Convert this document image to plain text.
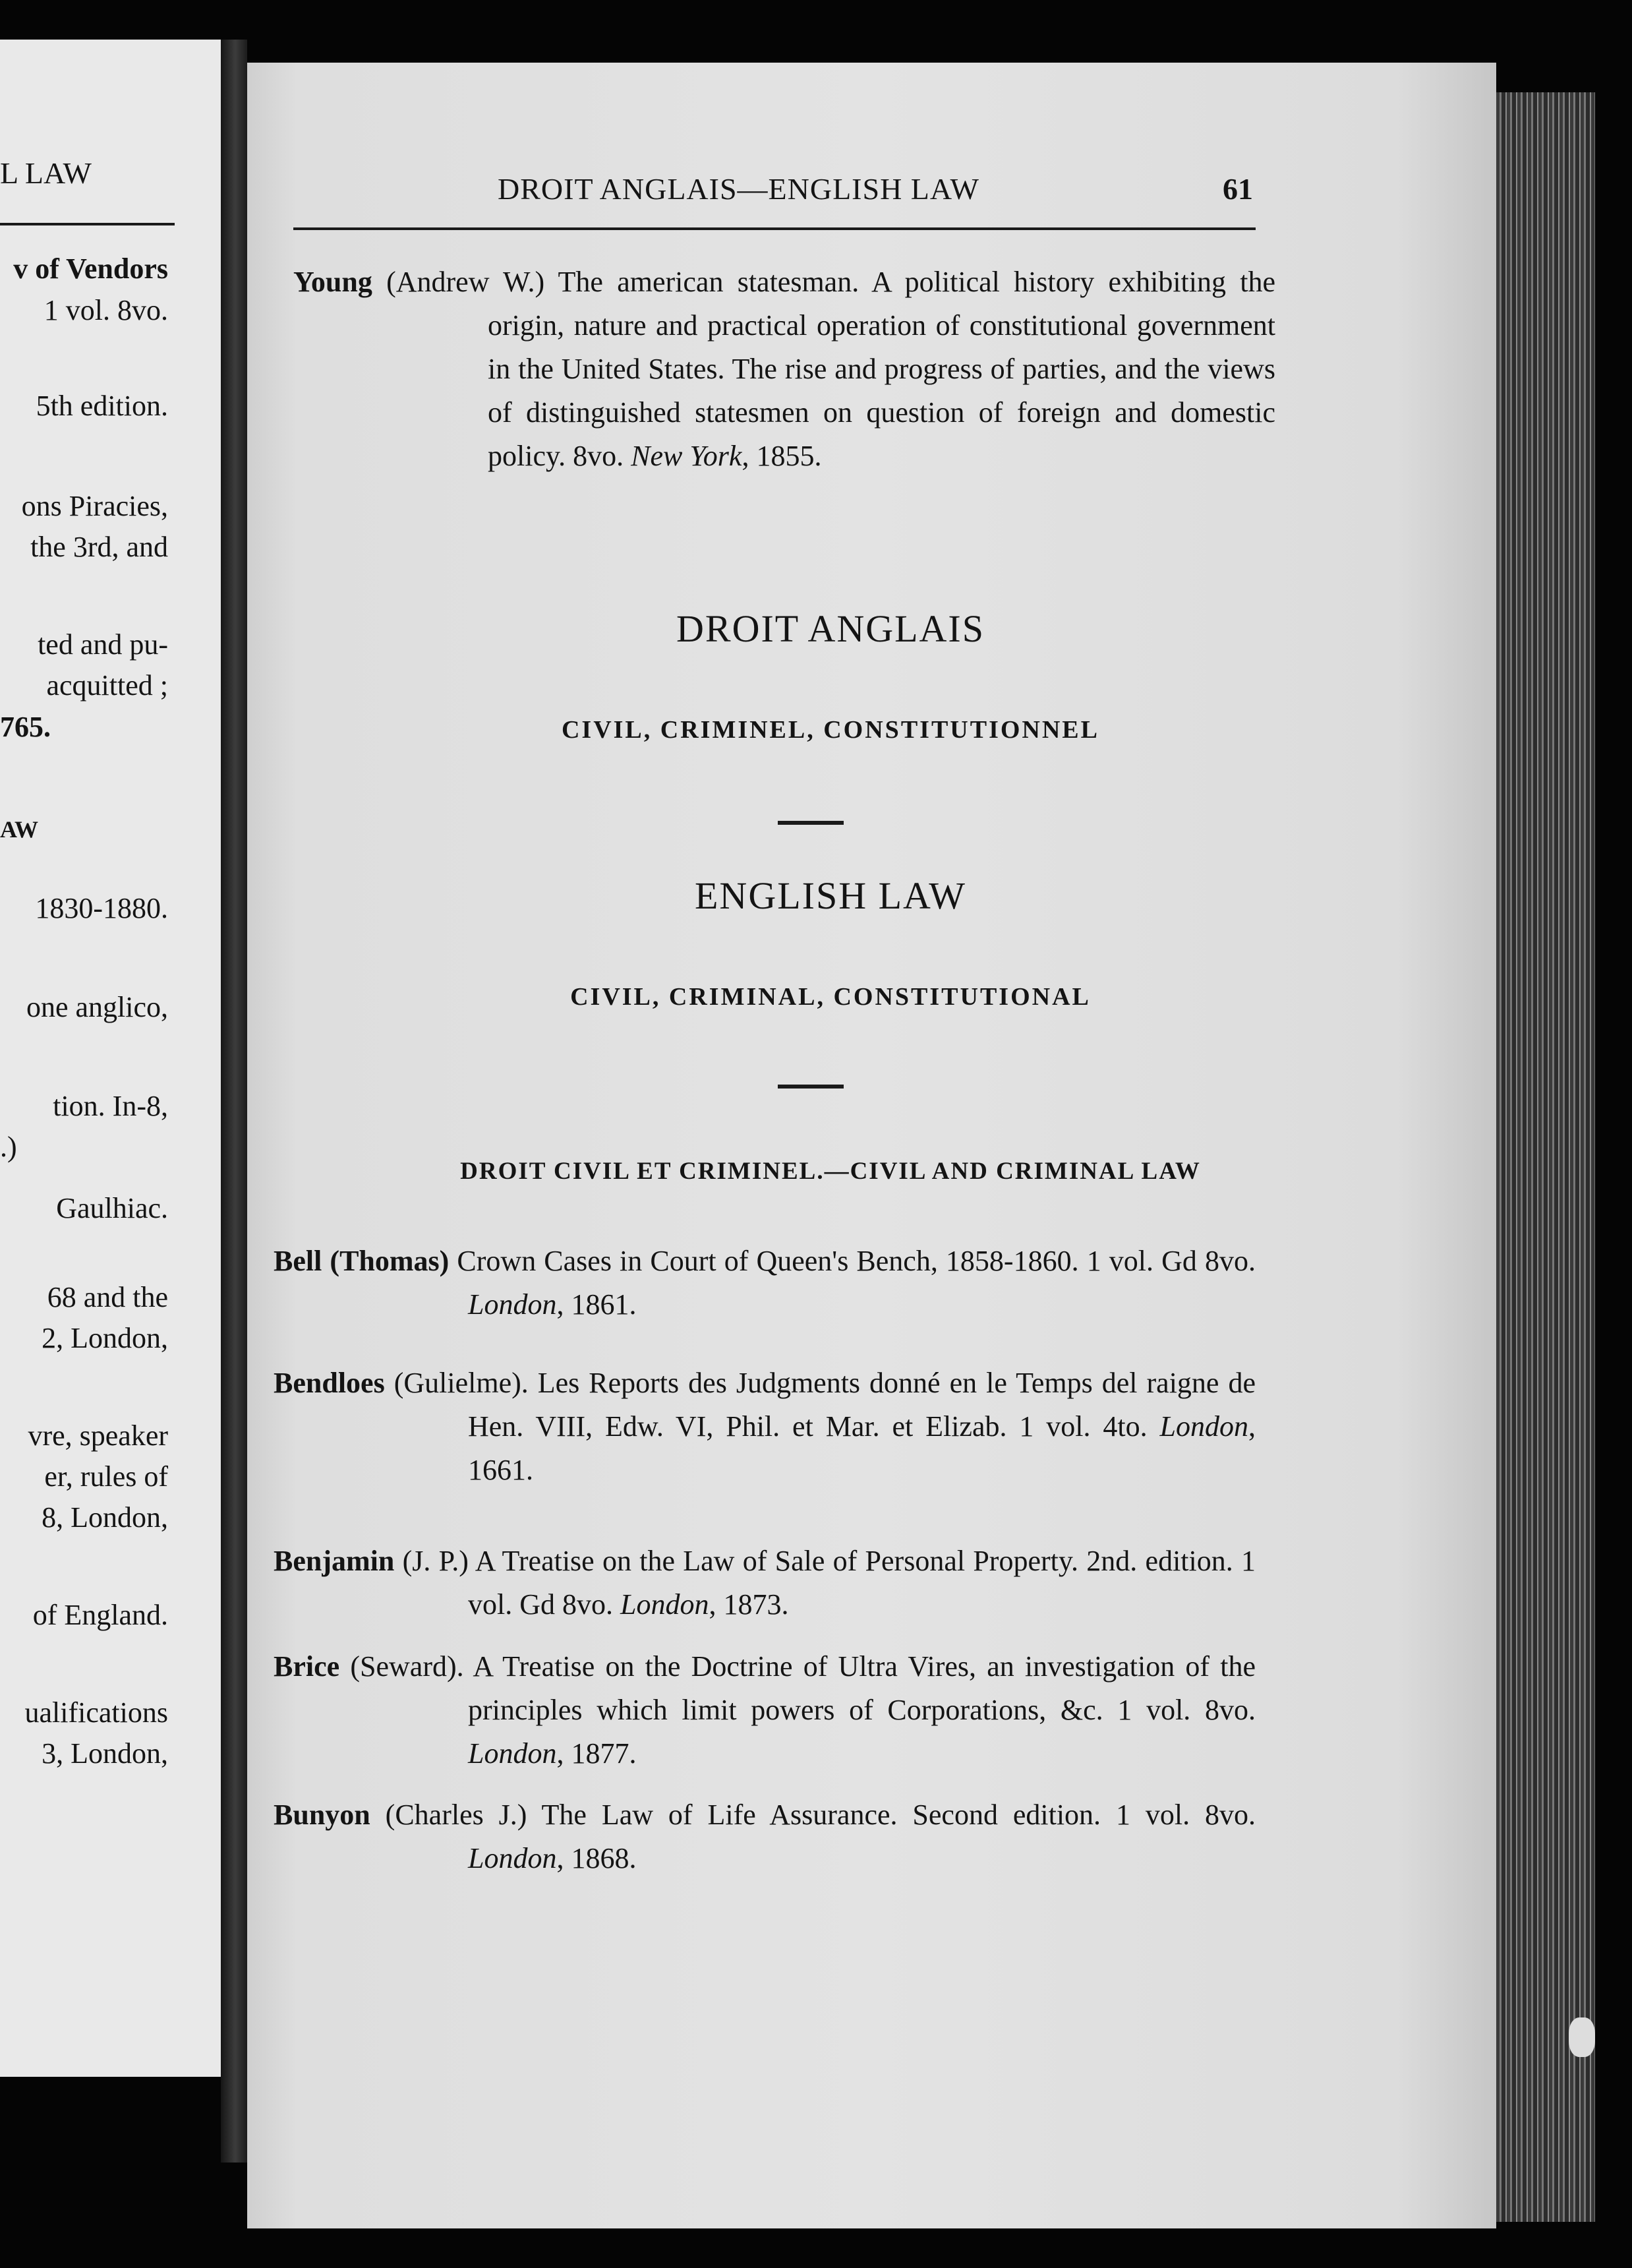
L LAW
v of Vendors
1 vol. 8vo.
5th edition.
ons Piracies,
the 3rd, and
ted and pu-
acquitted ;
765.
AW
1830-1880.
one anglico,
tion. In-8,
.)
Gaulhiac.
68 and the
2, London,
vre, speaker
er, rules of
8, London,
of England.
ualifications
3, London,
DROIT ANGLAIS—ENGLISH LAW	61
Young (Andrew W.) The american statesman. A political history exhibiting the origin, nature and practical operation of constitutional government in the United States. The rise and progress of parties, and the views of distinguished statesmen on question of foreign and domestic policy. 8vo. New York, 1855.
DROIT ANGLAIS
CIVIL, CRIMINEL, CONSTITUTIONNEL
ENGLISH LAW
CIVIL, CRIMINAL, CONSTITUTIONAL
DROIT CIVIL ET CRIMINEL.—CIVIL AND CRIMINAL LAW
Bell (Thomas) Crown Cases in Court of Queen's Bench, 1858-1860. 1 vol. Gd 8vo. London, 1861.
Bendloes (Gulielme). Les Reports des Judgments donné en le Temps del raigne de Hen. VIII, Edw. VI, Phil. et Mar. et Elizab. 1 vol. 4to. London, 1661.
Benjamin (J. P.) A Treatise on the Law of Sale of Personal Property. 2nd. edition. 1 vol. Gd 8vo. London, 1873.
Brice (Seward). A Treatise on the Doctrine of Ultra Vires, an investigation of the principles which limit powers of Corporations, &c. 1 vol. 8vo. London, 1877.
Bunyon (Charles J.) The Law of Life Assurance. Second edition. 1 vol. 8vo. London, 1868.
